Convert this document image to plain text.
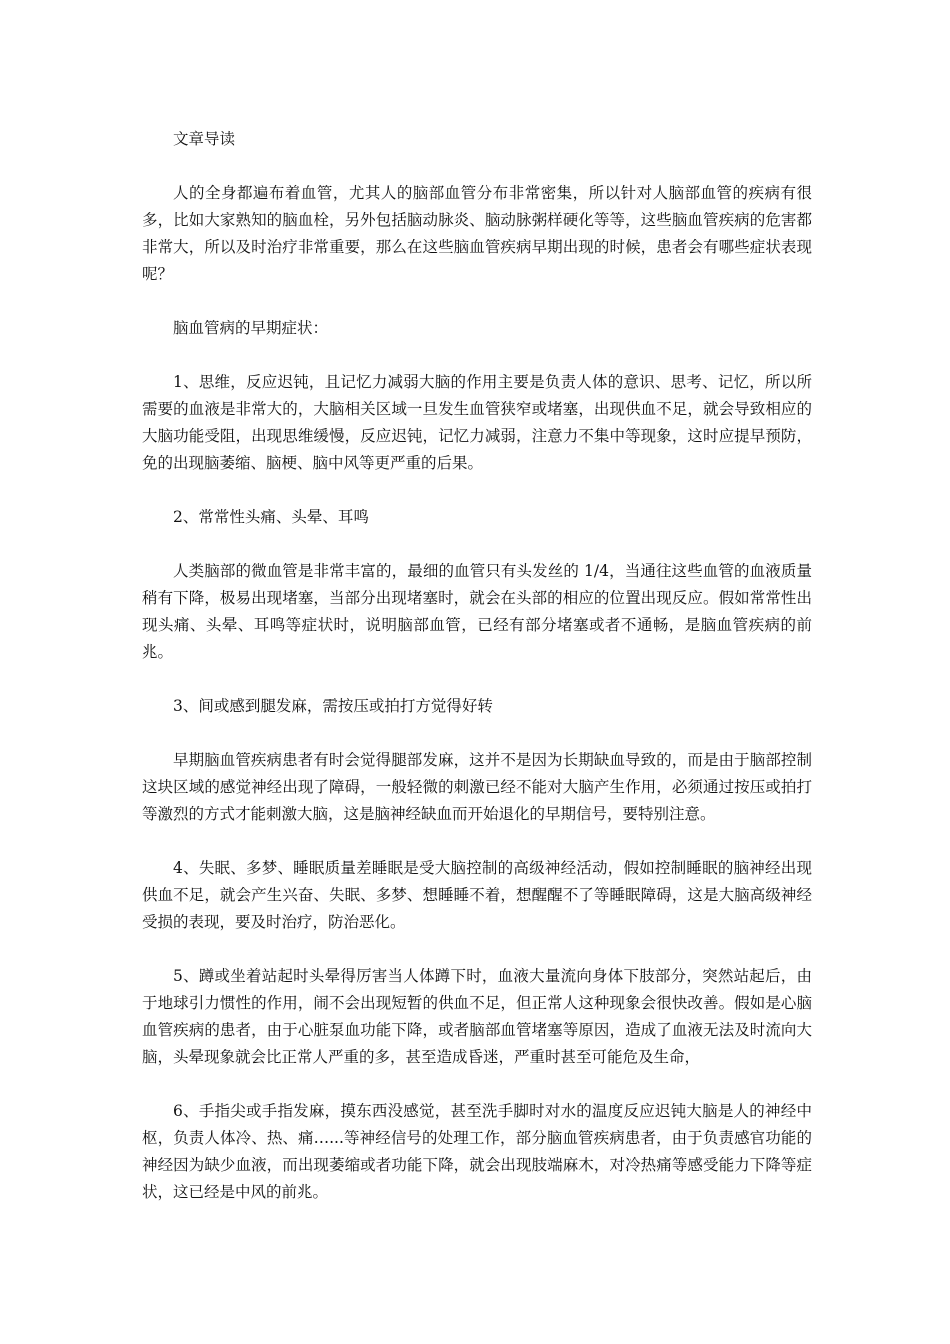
文章导读

人的全身都遍布着血管，尤其人的脑部血管分布非常密集，所以针对人脑部血管的疾病有很多，比如大家熟知的脑血栓，另外包括脑动脉炎、脑动脉粥样硬化等等，这些脑血管疾病的危害都非常大，所以及时治疗非常重要，那么在这些脑血管疾病早期出现的时候，患者会有哪些症状表现呢？

脑血管病的早期症状：

1、思维，反应迟钝，且记忆力减弱大脑的作用主要是负责人体的意识、思考、记忆，所以所需要的血液是非常大的，大脑相关区域一旦发生血管狭窄或堵塞，出现供血不足，就会导致相应的大脑功能受阻，出现思维缓慢，反应迟钝，记忆力减弱，注意力不集中等现象，这时应提早预防，免的出现脑萎缩、脑梗、脑中风等更严重的后果。

2、常常性头痛、头晕、耳鸣

人类脑部的微血管是非常丰富的，最细的血管只有头发丝的 1/4，当通往这些血管的血液质量稍有下降，极易出现堵塞，当部分出现堵塞时，就会在头部的相应的位置出现反应。假如常常性出现头痛、头晕、耳鸣等症状时，说明脑部血管，已经有部分堵塞或者不通畅，是脑血管疾病的前兆。

3、间或感到腿发麻，需按压或拍打方觉得好转

早期脑血管疾病患者有时会觉得腿部发麻，这并不是因为长期缺血导致的，而是由于脑部控制这块区域的感觉神经出现了障碍，一般轻微的刺激已经不能对大脑产生作用，必须通过按压或拍打等激烈的方式才能刺激大脑，这是脑神经缺血而开始退化的早期信号，要特别注意。

4、失眠、多梦、睡眠质量差睡眠是受大脑控制的高级神经活动，假如控制睡眠的脑神经出现供血不足，就会产生兴奋、失眠、多梦、想睡睡不着，想醒醒不了等睡眠障碍，这是大脑高级神经受损的表现，要及时治疗，防治恶化。

5、蹲或坐着站起时头晕得厉害当人体蹲下时，血液大量流向身体下肢部分，突然站起后，由于地球引力惯性的作用，闹不会出现短暂的供血不足，但正常人这种现象会很快改善。假如是心脑血管疾病的患者，由于心脏泵血功能下降，或者脑部血管堵塞等原因，造成了血液无法及时流向大脑，头晕现象就会比正常人严重的多，甚至造成昏迷，严重时甚至可能危及生命，

6、手指尖或手指发麻，摸东西没感觉，甚至洗手脚时对水的温度反应迟钝大脑是人的神经中枢，负责人体冷、热、痛…...等神经信号的处理工作，部分脑血管疾病患者，由于负责感官功能的神经因为缺少血液，而出现萎缩或者功能下降，就会出现肢端麻木，对冷热痛等感受能力下降等症状，这已经是中风的前兆。
